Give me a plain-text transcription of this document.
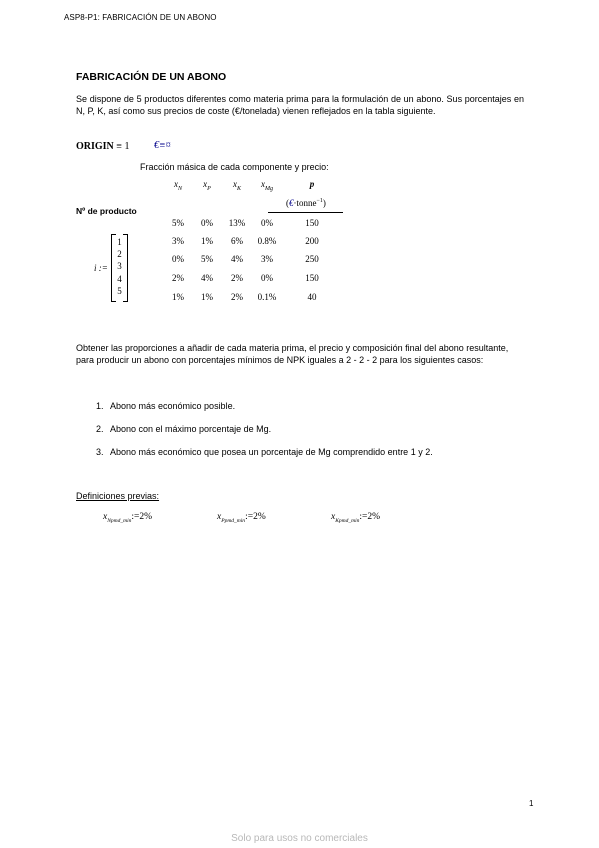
ASP8-P1: FABRICACIÓN DE UN ABONO
FABRICACIÓN DE UN ABONO
Se dispone de 5 productos diferentes como materia prima para la formulación de un abono. Sus porcentajes en N, P, K, así como sus precios de coste (€/tonelada) vienen reflejados en la tabla siguiente.
ORIGIN ≡ 1 €≡¤
Fracción másica de cada componente y precio:
$x_N$	$x_P$	$x_K$	$x_{Mg}$	p
(€·tonne$^{-1}$)
Nº de producto
i :=
1
2
3
4
5
5%	0%	13%	0%	150
3%	1%	6%	0.8%	200
0%	5%	4%	3%	250
2%	4%	2%	0%	150
1%	1%	2%	0.1%	40
Obtener las proporciones a añadir de cada materia prima, el precio y composición final del abono resultante, para producir un abono con porcentajes mínimos de NPK iguales a 2 - 2 - 2 para los siguientes casos:
1. Abono más económico posible.
2. Abono con el máximo porcentaje de Mg.
3. Abono más económico que posea un porcentaje de Mg comprendido entre 1 y 2.
Definiciones previas:
$x_{Npmd\_min}:=2\%$	$x_{Ppmd\_min}:=2\%$	$x_{Kpmd\_min}:=2\%$
1
Solo para usos no comerciales
